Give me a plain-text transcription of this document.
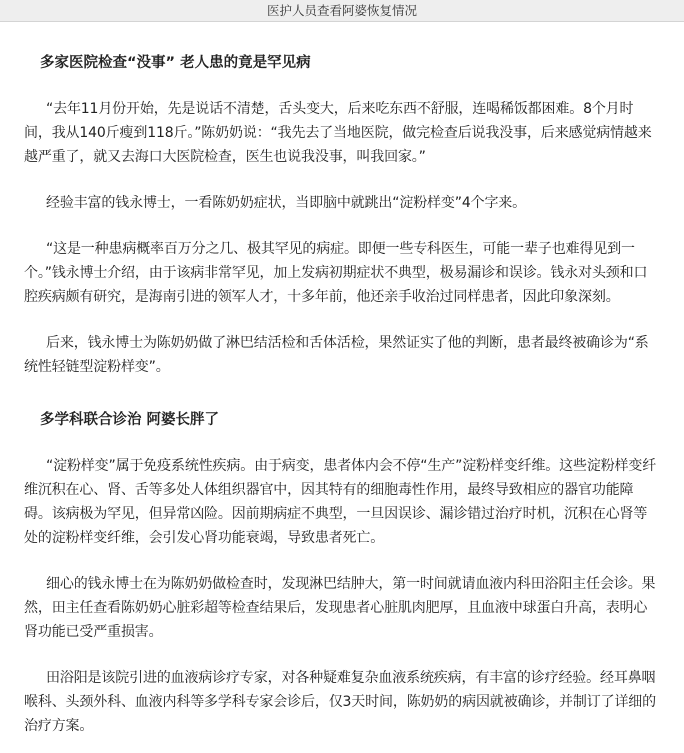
医护人员查看阿婆恢复情况
多家医院检查“没事” 老人患的竟是罕见病

“去年11月份开始，先是说话不清楚，舌头变大，后来吃东西不舒服，连喝稀饭都困难。8个月时间，我从140斤瘦到118斤。”陈奶奶说：“我先去了当地医院，做完检查后说我没事，后来感觉病情越来越严重了，就又去海口大医院检查，医生也说我没事，叫我回家。”

经验丰富的钱永博士，一看陈奶奶症状，当即脑中就跳出“淀粉样变”4个字来。

“这是一种患病概率百万分之几、极其罕见的病症。即便一些专科医生，可能一辈子也难得见到一个。”钱永博士介绍，由于该病非常罕见，加上发病初期症状不典型，极易漏诊和误诊。钱永对头颈和口腔疾病颇有研究，是海南引进的领军人才，十多年前，他还亲手收治过同样患者，因此印象深刻。

后来，钱永博士为陈奶奶做了淋巴结活检和舌体活检，果然证实了他的判断，患者最终被确诊为“系统性轻链型淀粉样变”。

多学科联合诊治 阿婆长胖了

“淀粉样变”属于免疫系统性疾病。由于病变，患者体内会不停“生产”淀粉样变纤维。这些淀粉样变纤维沉积在心、肾、舌等多处人体组织器官中，因其特有的细胞毒性作用，最终导致相应的器官功能障碍。该病极为罕见，但异常凶险。因前期病症不典型，一旦因误诊、漏诊错过治疗时机，沉积在心肾等处的淀粉样变纤维，会引发心肾功能衰竭，导致患者死亡。

细心的钱永博士在为陈奶奶做检查时，发现淋巴结肿大，第一时间就请血液内科田浴阳主任会诊。果然，田主任查看陈奶奶心脏彩超等检查结果后，发现患者心脏肌肉肥厚，且血液中球蛋白升高，表明心肾功能已受严重损害。

田浴阳是该院引进的血液病诊疗专家，对各种疑难复杂血液系统疾病，有丰富的诊疗经验。经耳鼻咽喉科、头颈外科、血液内科等多学科专家会诊后，仅3天时间，陈奶奶的病因就被确诊，并制订了详细的治疗方案。
